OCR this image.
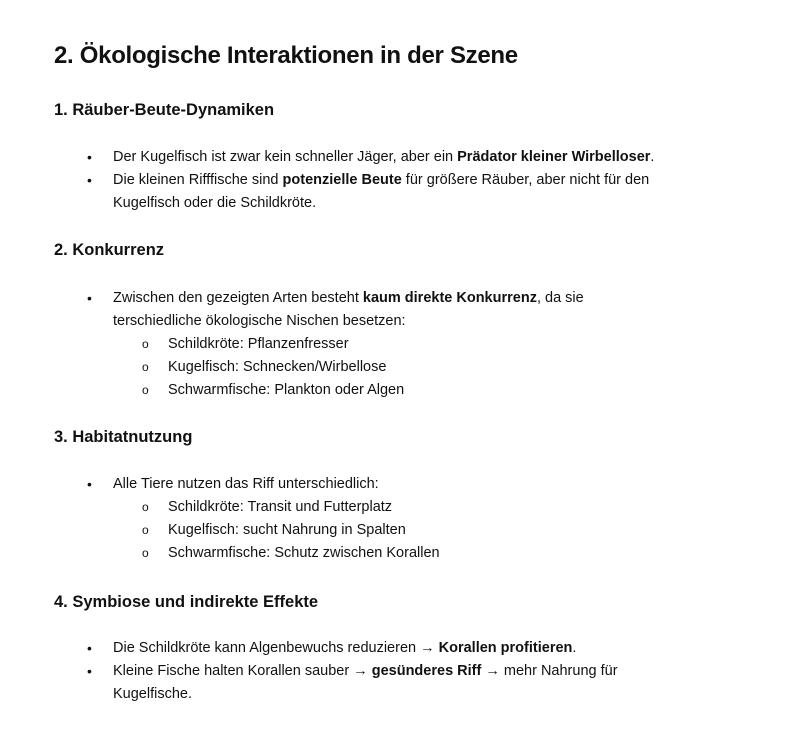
2. Ökologische Interaktionen in der Szene
1. Räuber-Beute-Dynamiken
• Der Kugelfisch ist zwar kein schneller Jäger, aber ein Prädator kleiner Wirbelloser.
• Die kleinen Rifffische sind potenzielle Beute für größere Räuber, aber nicht für den
Kugelfisch oder die Schildkröte.
2. Konkurrenz
• Zwischen den gezeigten Arten besteht kaum direkte Konkurrenz, da sie
terschiedliche ökologische Nischen besetzen:
o Schildkröte: Pflanzenfresser
o Kugelfisch: Schnecken/Wirbellose
o Schwarmfische: Plankton oder Algen
3. Habitatnutzung
• Alle Tiere nutzen das Riff unterschiedlich:
o Schildkröte: Transit und Futterplatz
o Kugelfisch: sucht Nahrung in Spalten
o Schwarmfische: Schutz zwischen Korallen
4. Symbiose und indirekte Effekte
• Die Schildkröte kann Algenbewuchs reduzieren → Korallen profitieren.
• Kleine Fische halten Korallen sauber → gesünderes Riff → mehr Nahrung für
Kugelfische.
